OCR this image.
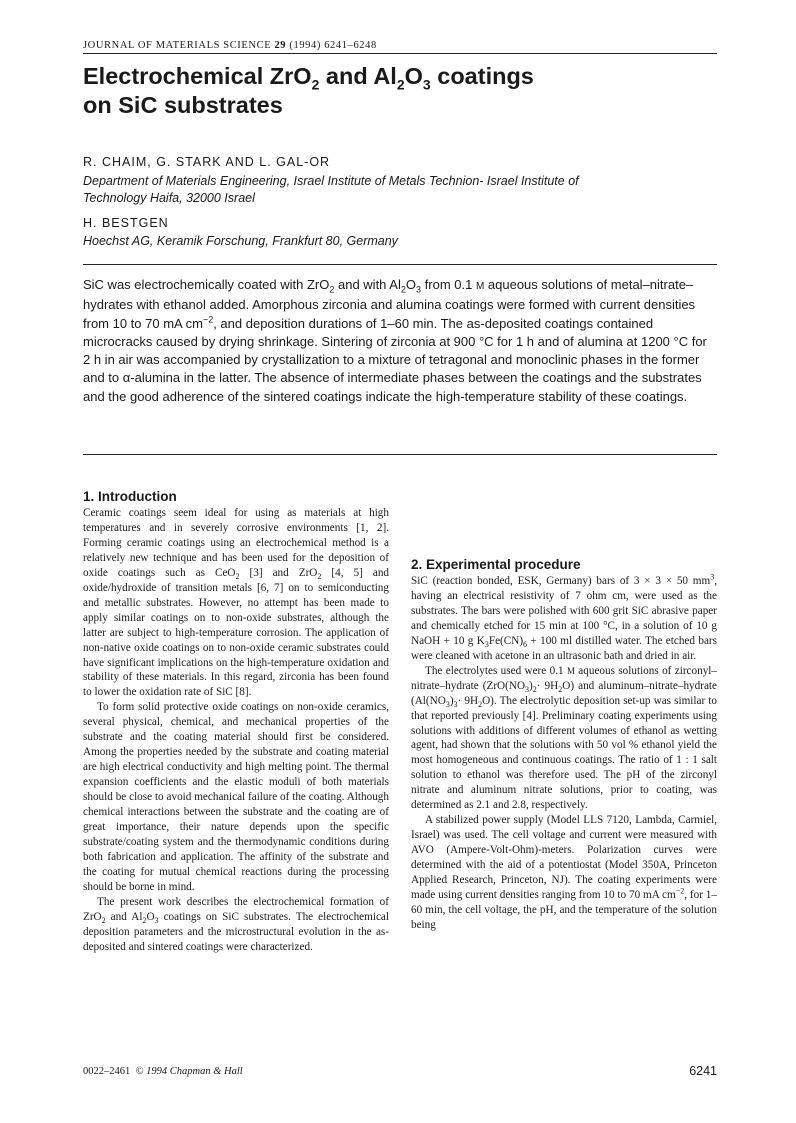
JOURNAL OF MATERIALS SCIENCE 29 (1994) 6241–6248
Electrochemical ZrO$_2$ and $Al_2O_3$ coatings
on SiC substrates
R. CHAIM, G. STARK AND L. GAL-OR
Department of Materials Engineering, Israel Institute of Metals Technion- Israel Institute of
Technology Haifa, 32000 Israel
H. BESTGEN
Hoechst AG, Keramik Forschung, Frankfurt 80, Germany

SiC was electrochemically coated with ZrO$_2$ and with $Al_2O_3$ from 0.1 M aqueous solutions of metal–nitrate–hydrates with ethanol added. Amorphous zirconia and alumina coatings were formed with current densities from 10 to 70 mA $cm^{-2}$, and deposition durations of 1–60 min. The as-deposited coatings contained microcracks caused by drying shrinkage. Sintering of zirconia at 900 °C for 1 h and of alumina at 1200 °C for 2 h in air was accompanied by crystallization to a mixture of tetragonal and monoclinic phases in the former and to α-alumina in the latter. The absence of intermediate phases between the coatings and the substrates and the good adherence of the sintered coatings indicate the high-temperature stability of these coatings.

1. Introduction

Ceramic coatings seem ideal for using as materials at high temperatures and in severely corrosive environments [1, 2]. Forming ceramic coatings using an electrochemical method is a relatively new technique and has been used for the deposition of oxide coatings such as CeO$_2$ [3] and ZrO$_2$ [4, 5] and oxide/hydroxide of transition metals [6, 7] on to semiconducting and metallic substrates. However, no attempt has been made to apply similar coatings on to non-oxide substrates, although the latter are subject to high-temperature corrosion. The application of non-native oxide coatings on to non-oxide ceramic substrates could have significant implications on the high-temperature oxidation and stability of these materials. In this regard, zirconia has been found to lower the oxidation rate of SiC [8].

To form solid protective oxide coatings on non-oxide ceramics, several physical, chemical, and mechanical properties of the substrate and the coating material should first be considered. Among the properties needed by the substrate and coating material are high electrical conductivity and high melting point. The thermal expansion coefficients and the elastic moduli of both materials should be close to avoid mechanical failure of the coating. Although chemical interactions between the substrate and the coating are of great importance, their nature depends upon the specific substrate/coating system and the thermodynamic conditions during both fabrication and application. The affinity of the substrate and the coating for mutual chemical reactions during the processing should be borne in mind.

The present work describes the electrochemical formation of ZrO$_2$ and $Al_2O_3$ coatings on SiC substrates. The electrochemical deposition parameters and the microstructural evolution in the as-deposited and sintered coatings were characterized.

2. Experimental procedure

SiC (reaction bonded, ESK, Germany) bars of 3 × 3 × 50 $mm^3$, having an electrical resistivity of 7 ohm cm, were used as the substrates. The bars were polished with 600 grit SiC abrasive paper and chemically etched for 15 min at 100 °C, in a solution of 10 g NaOH + 10 g $K_3Fe(CN)_6 + 100$ ml distilled water. The etched bars were cleaned with acetone in an ultrasonic bath and dried in air.

The electrolytes used were 0.1 M aqueous solutions of zirconyl–nitrate–hydrate $(ZrO(NO_3)_2\cdot 9H_2O)$ and aluminum–nitrate–hydrate $(Al(NO_3)_3\cdot 9H_2O)$. The electrolytic deposition set-up was similar to that reported previously [4]. Preliminary coating experiments using solutions with additions of different volumes of ethanol as wetting agent, had shown that the solutions with 50 vol % ethanol yield the most homogeneous and continuous coatings. The ratio of 1 : 1 salt solution to ethanol was therefore used. The pH of the zirconyl nitrate and aluminum nitrate solutions, prior to coating, was determined as 2.1 and 2.8, respectively.

A stabilized power supply (Model LLS 7120, Lambda, Carmiel, Israel) was used. The cell voltage and current were measured with AVO (Ampere-Volt-Ohm)-meters. Polarization curves were determined with the aid of a potentiostat (Model 350A, Princeton Applied Research, Princeton, NJ). The coating experiments were made using current densities ranging from 10 to 70 mA $cm^{-2}$, for 1–60 min, the cell voltage, the pH, and the temperature of the solution being

0022–2461 © 1994 Chapman & Hall	6241
